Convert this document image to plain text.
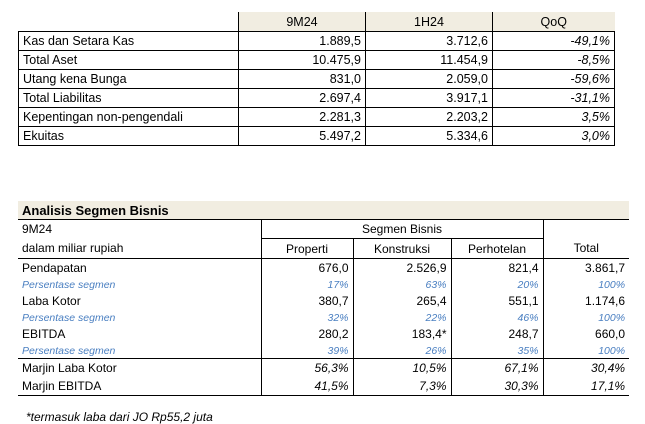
	9M24	1H24	QoQ
Kas dan Setara Kas	1.889,5	3.712,6	-49,1%
Total Aset	10.475,9	11.454,9	-8,5%
Utang kena Bunga	831,0	2.059,0	-59,6%
Total Liabilitas	2.697,4	3.917,1	-31,1%
Kepentingan non-pengendali	2.281,3	2.203,2	3,5%
Ekuitas	5.497,2	5.334,6	3,0%
Analisis Segmen Bisnis				
9M24	Segmen Bisnis			
dalam miliar rupiah	Properti	Konstruksi	Perhotelan	Total
Pendapatan	676,0	2.526,9	821,4	3.861,7
Persentase segmen	17%	63%	20%	100%
Laba Kotor	380,7	265,4	551,1	1.174,6
Persentase segmen	32%	22%	46%	100%
EBITDA	280,2	183,4*	248,7	660,0
Persentase segmen	39%	26%	35%	100%
Marjin Laba Kotor	56,3%	10,5%	67,1%	30,4%
Marjin EBITDA	41,5%	7,3%	30,3%	17,1%
*termasuk laba dari JO Rp55,2 juta
